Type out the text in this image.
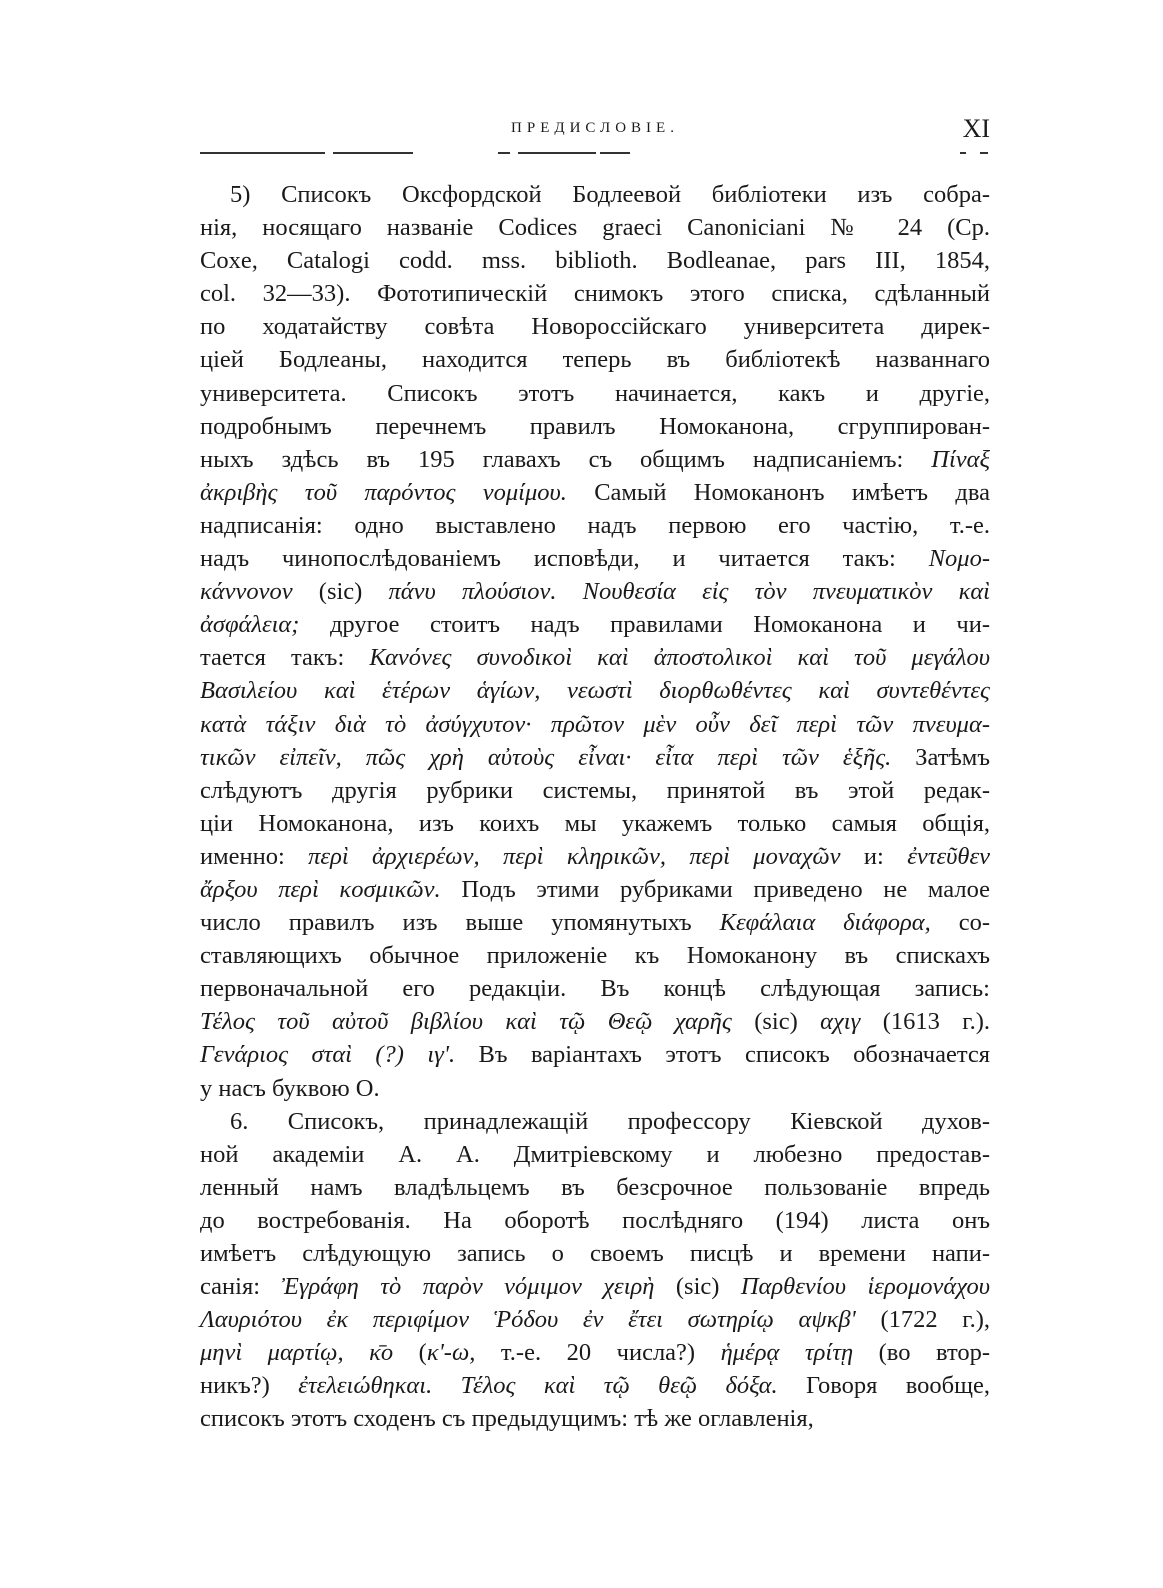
ПРЕДИСЛОВІЕ.	XI
5) Списокъ Оксфордской Бодлеевой библіотеки изъ собра-
нія, носящаго названіе Codices graeci Canoniciani № 24 (Ср.
Coxe, Catalogi codd. mss. biblioth. Bodleanae, pars III, 1854,
col. 32—33). Фототипическій снимокъ этого списка, сдѣланный
по ходатайству совѣта Новороссійскаго университета дирек-
ціей Бодлеаны, находится теперь въ библіотекѣ названнаго
университета. Списокъ этотъ начинается, какъ и другіе,
подробнымъ перечнемъ правилъ Номоканона, сгруппирован-
ныхъ здѣсь въ 195 главахъ съ общимъ надписаніемъ: Πίναξ
ἀκριβὴς τοῦ παρόντος νομίμου. Самый Номоканонъ имѣетъ два
надписанія: одно выставлено надъ первою его частію, т.-е.
надъ чинопослѣдованіемъ исповѣди, и читается такъ: Νομο-
κάννονον (sic) πάνυ πλούσιον. Νουθεσία εἰς τὸν πνευματικὸν καὶ
ἀσφάλεια; другое стоитъ надъ правилами Номоканона и чи-
тается такъ: Κανόνες συνοδικοὶ καὶ ἀποστολικοὶ καὶ τοῦ μεγάλου
Βασιλείου καὶ ἑτέρων ἁγίων, νεωστὶ διορθωθέντες καὶ συντεθέντες
κατὰ τάξιν διὰ τὸ ἀσύγχυτον· πρῶτον μὲν οὖν δεῖ περὶ τῶν πνευμα-
τικῶν εἰπεῖν, πῶς χρὴ αὐτοὺς εἶναι· εἶτα περὶ τῶν ἑξῆς. Затѣмъ
слѣдуютъ другія рубрики системы, принятой въ этой редак-
ціи Номоканона, изъ коихъ мы укажемъ только самыя общія,
именно: περὶ ἀρχιερέων, περὶ κληρικῶν, περὶ μοναχῶν и: ἐντεῦθεν
ἄρξου περὶ κοσμικῶν. Подъ этими рубриками приведено не малое
число правилъ изъ выше упомянутыхъ Κεφάλαια διάφορα, со-
ставляющихъ обычное приложеніе къ Номоканону въ спискахъ
первоначальной его редакціи. Въ концѣ слѣдующая запись:
Τέλος τοῦ αὐτοῦ βιβλίου καὶ τῷ Θεῷ χαρῆς (sic) αχιγ (1613 г.).
Γενάριος σταὶ (?) ιγ'. Въ варіантахъ этотъ списокъ обозначается
у насъ буквою O.
6. Списокъ, принадлежащій профессору Кіевской духов-
ной академіи А. А. Дмитріевскому и любезно предостав-
ленный намъ владѣльцемъ въ безсрочное пользованіе впредь
до востребованія. На оборотѣ послѣдняго (194) листа онъ
имѣетъ слѣдующую запись о своемъ писцѣ и времени напи-
санія: Ἐγράφη τὸ παρὸν νόμιμον χειρὴ (sic) Παρθενίου ἱερομονάχου
Λαυριότου ἐκ περιφίμον Ῥόδου ἐν ἔτει σωτηρίῳ αψκβ' (1722 г.),
μηνὶ μαρτίῳ, κ̄ο (κ'-ω, т.-е. 20 числа?) ἡμέρᾳ τρίτῃ (во втор-
никъ?) ἐτελειώθηκαι. Τέλος καὶ τῷ θεῷ δόξα. Говоря вообще,
списокъ этотъ сходенъ съ предыдущимъ: тѣ же оглавленія,
